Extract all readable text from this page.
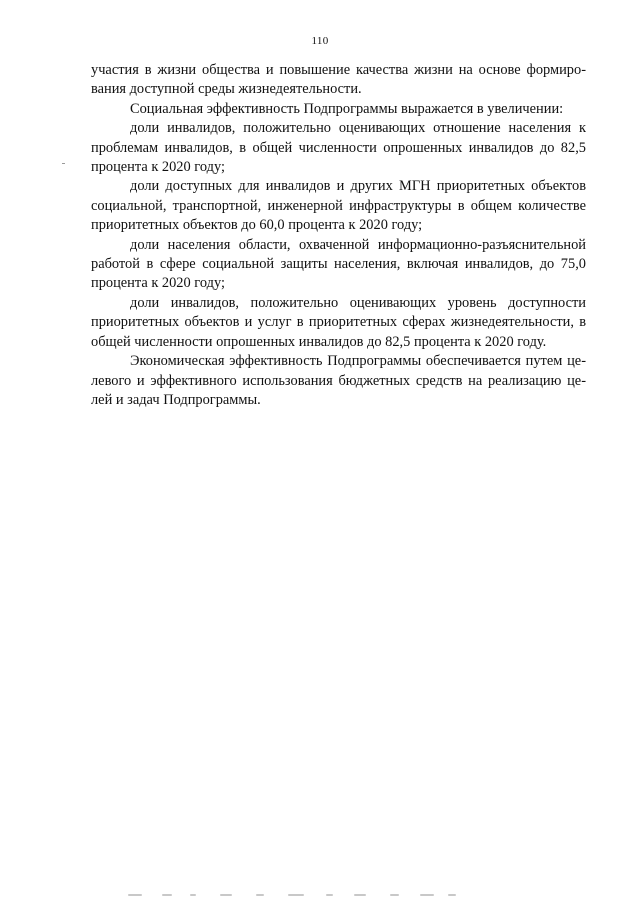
110

участия в жизни общества и повышение качества жизни на основе формиро-вания доступной среды жизнедеятельности.

Социальная эффективность Подпрограммы выражается в увеличении:

доли инвалидов, положительно оценивающих отношение населения к проблемам инвалидов, в общей численности опрошенных инвалидов до 82,5 процента к 2020 году;

доли доступных для инвалидов и других МГН приоритетных объектов социальной, транспортной, инженерной инфраструктуры в общем количестве приоритетных объектов до 60,0 процента к 2020 году;

доли населения области, охваченной информационно-разъяснительной работой в сфере социальной защиты населения, включая инвалидов, до 75,0 процента к 2020 году;

доли инвалидов, положительно оценивающих уровень доступности приоритетных объектов и услуг в приоритетных сферах жизнедеятельности, в общей численности опрошенных инвалидов до 82,5 процента к 2020 году.

Экономическая эффективность Подпрограммы обеспечивается путем це-левого и эффективного использования бюджетных средств на реализацию це-лей и задач Подпрограммы.
